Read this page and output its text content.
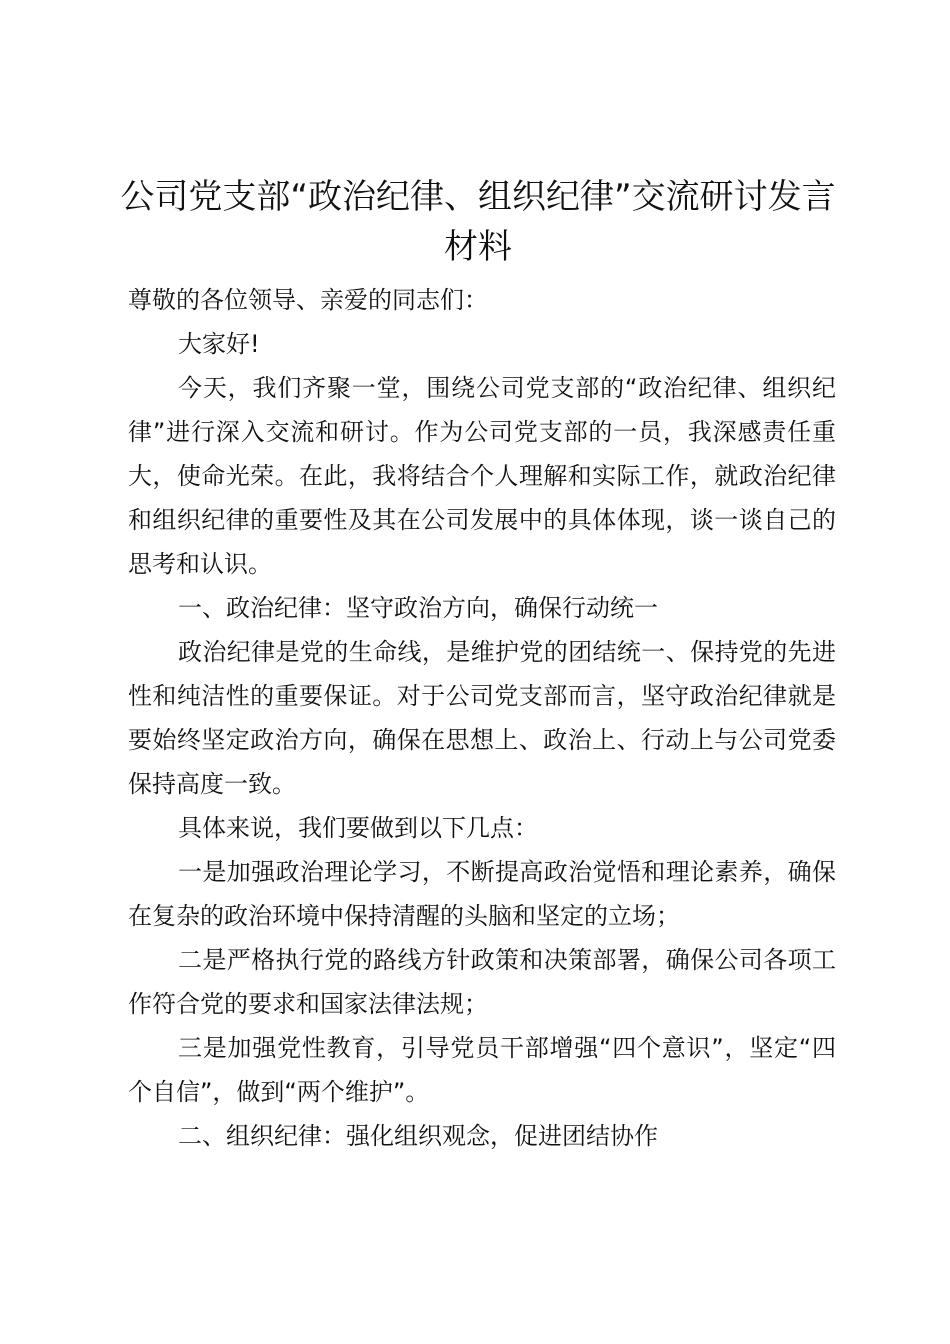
公司党支部“政治纪律、组织纪律”交流研讨发言材料

尊敬的各位领导、亲爱的同志们：

大家好!

今天，我们齐聚一堂，围绕公司党支部的“政治纪律、组织纪律”进行深入交流和研讨。作为公司党支部的一员，我深感责任重大，使命光荣。在此，我将结合个人理解和实际工作，就政治纪律和组织纪律的重要性及其在公司发展中的具体体现，谈一谈自己的思考和认识。

一、政治纪律：坚守政治方向，确保行动统一

政治纪律是党的生命线，是维护党的团结统一、保持党的先进性和纯洁性的重要保证。对于公司党支部而言，坚守政治纪律就是要始终坚定政治方向，确保在思想上、政治上、行动上与公司党委保持高度一致。

具体来说，我们要做到以下几点：

一是加强政治理论学习，不断提高政治觉悟和理论素养，确保在复杂的政治环境中保持清醒的头脑和坚定的立场；

二是严格执行党的路线方针政策和决策部署，确保公司各项工作符合党的要求和国家法律法规；

三是加强党性教育，引导党员干部增强“四个意识”，坚定“四个自信”，做到“两个维护”。

二、组织纪律：强化组织观念，促进团结协作
